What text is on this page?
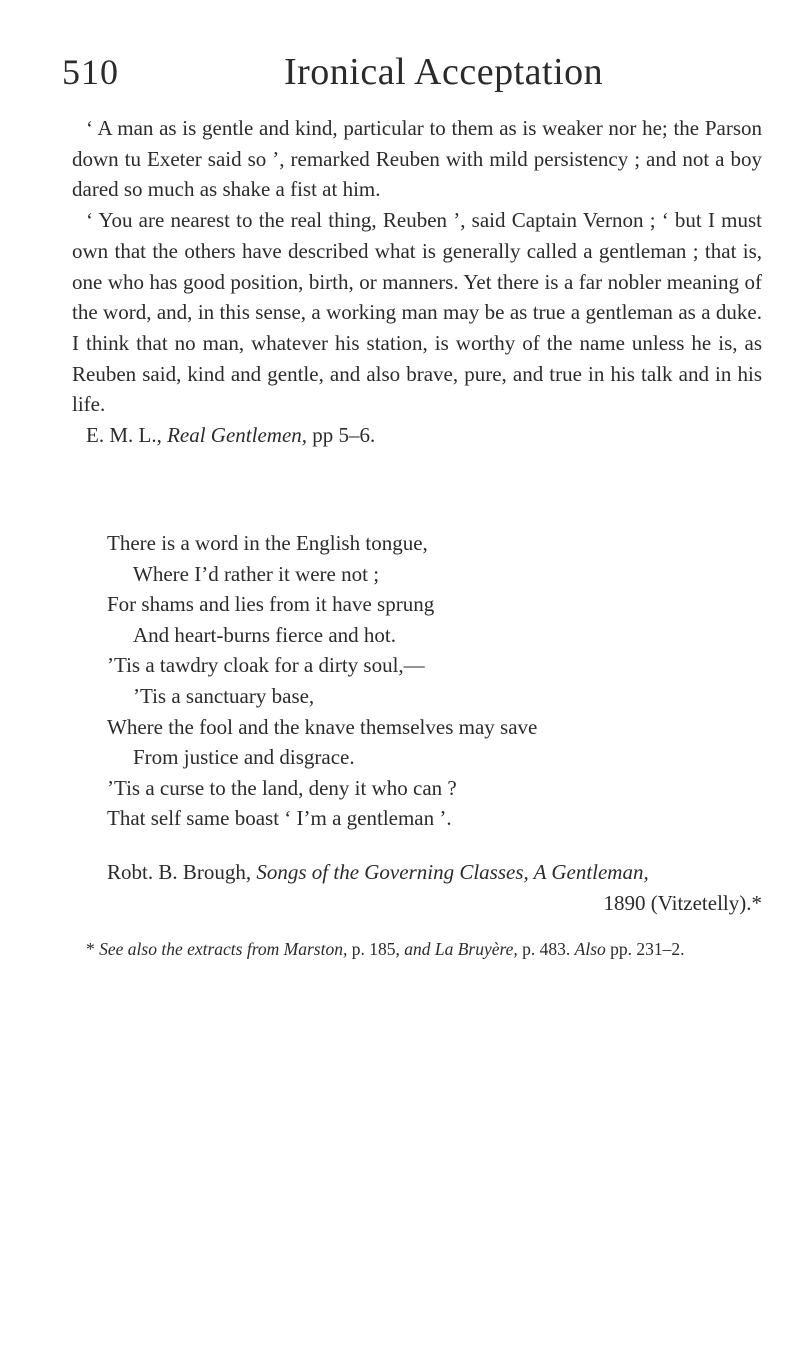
510	Ironical Acceptation

‘ A man as is gentle and kind, particular to them as is weaker nor he; the Parson down tu Exeter said so ’, remarked Reuben with mild persistency ; and not a boy dared so much as shake a fist at him.

‘ You are nearest to the real thing, Reuben ’, said Captain Vernon ; ‘ but I must own that the others have described what is generally called a gentleman ; that is, one who has good position, birth, or manners. Yet there is a far nobler meaning of the word, and, in this sense, a working man may be as true a gentleman as a duke. I think that no man, whatever his station, is worthy of the name unless he is, as Reuben said, kind and gentle, and also brave, pure, and true in his talk and in his life.

E. M. L., Real Gentlemen, pp 5–6.

There is a word in the English tongue,
Where I’d rather it were not ;
For shams and lies from it have sprung
And heart-burns fierce and hot.
’Tis a tawdry cloak for a dirty soul,—
’Tis a sanctuary base,
Where the fool and the knave themselves may save
From justice and disgrace.
’Tis a curse to the land, deny it who can ?
That self same boast ‘ I’m a gentleman ’.
Robt. B. Brough, Songs of the Governing Classes, A Gentleman,
1890 (Vitzetelly).*

* See also the extracts from Marston, p. 185, and La Bruyère, p. 483. Also pp. 231–2.
